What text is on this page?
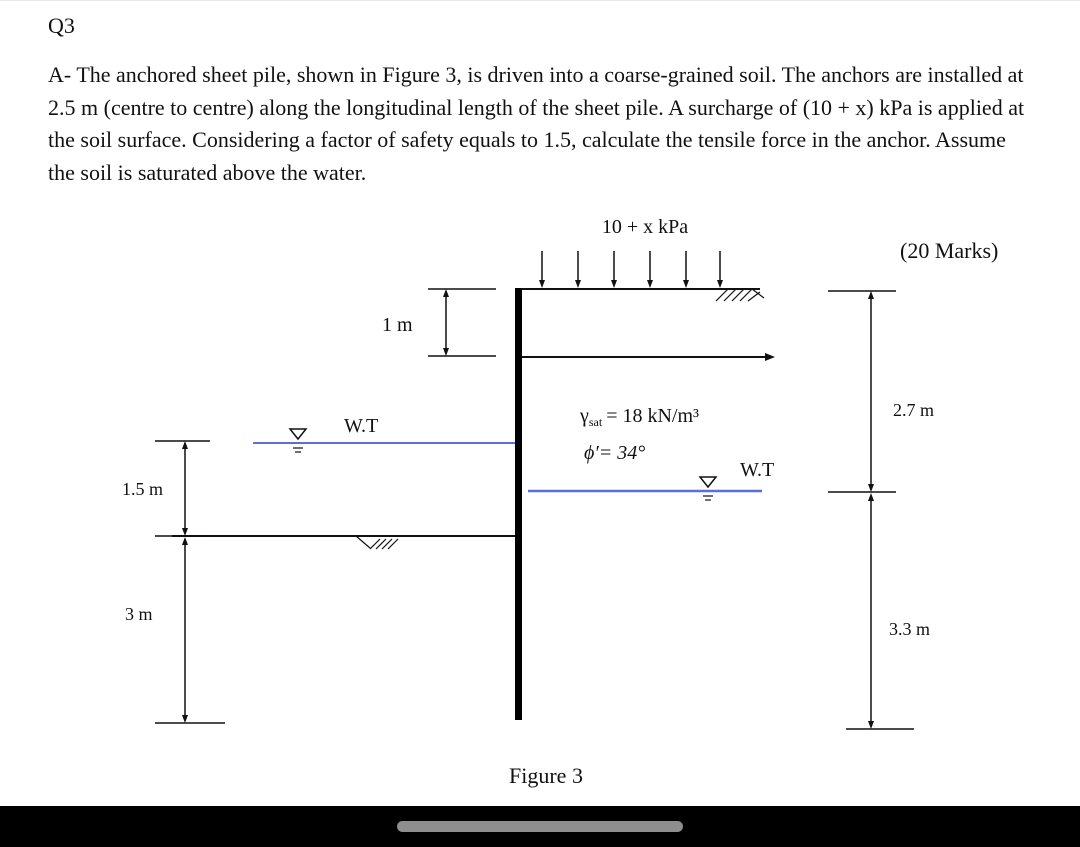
Q3
A- The anchored sheet pile, shown in Figure 3, is driven into a coarse-grained soil. The anchors are installed at 2.5 m (centre to centre) along the longitudinal length of the sheet pile. A surcharge of (10 + x) kPa is applied at the soil surface. Considering a factor of safety equals to 1.5, calculate the tensile force in the anchor. Assume the soil is saturated above the water.
10 + x kPa
1 m
W.T	$\gamma_{sat} = 18$ kN/m³
ϕ′= 34°
W.T
1.5 m
3 m
2.7 m
3.3 m
(20 Marks)
Figure 3
